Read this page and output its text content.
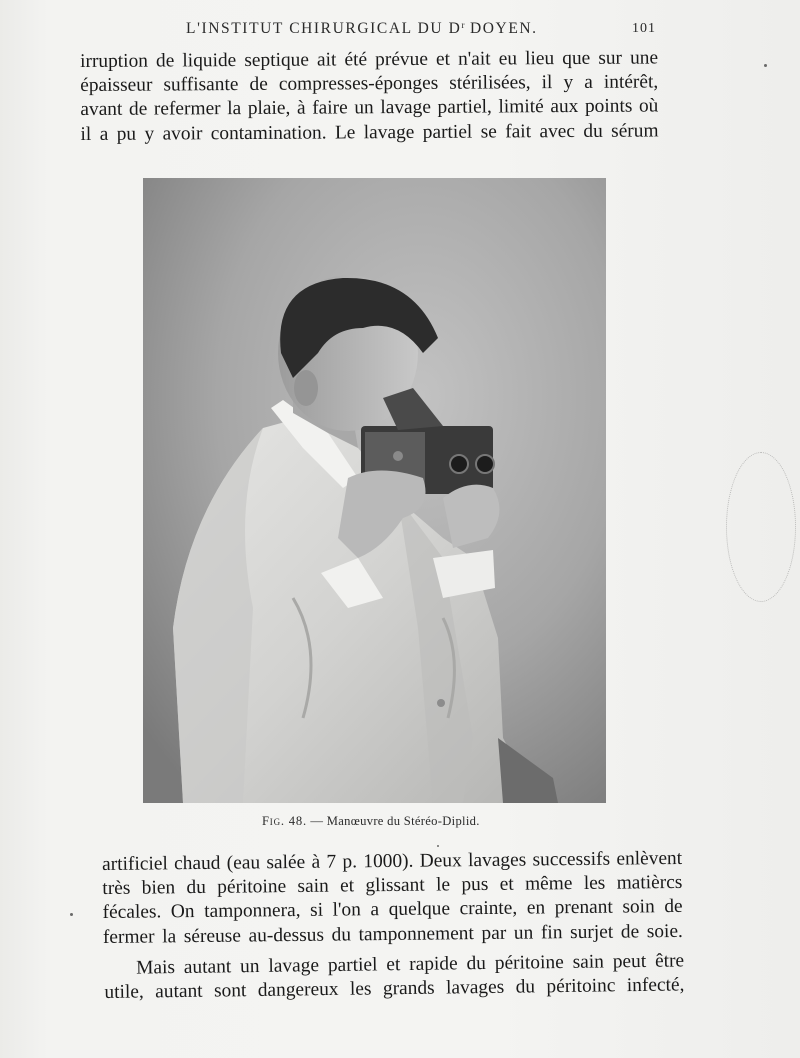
L'INSTITUT CHIRURGICAL DU $D^r$ DOYEN.	101
irruption de liquide septique ait été prévue et n'ait eu lieu que sur une
épaisseur suffisante de compresses-éponges stérilisées, il y a intérêt,
avant de refermer la plaie, à faire un lavage partiel, limité aux points où
il a pu y avoir contamination. Le lavage partiel se fait avec du sérum
Fig. 48. — Manœuvre du Stéréo-Diplid.
artificiel chaud (eau salée à 7 p. 1000). Deux lavages successifs enlèvent
très bien du péritoine sain et glissant le pus et même les matièrcs
fécales. On tamponnera, si l'on a quelque crainte, en prenant soin de
fermer la séreuse au-dessus du tamponnement par un fin surjet de soie.
Mais autant un lavage partiel et rapide du péritoine sain peut être
utile, autant sont dangereux les grands lavages du péritoinc infecté,
